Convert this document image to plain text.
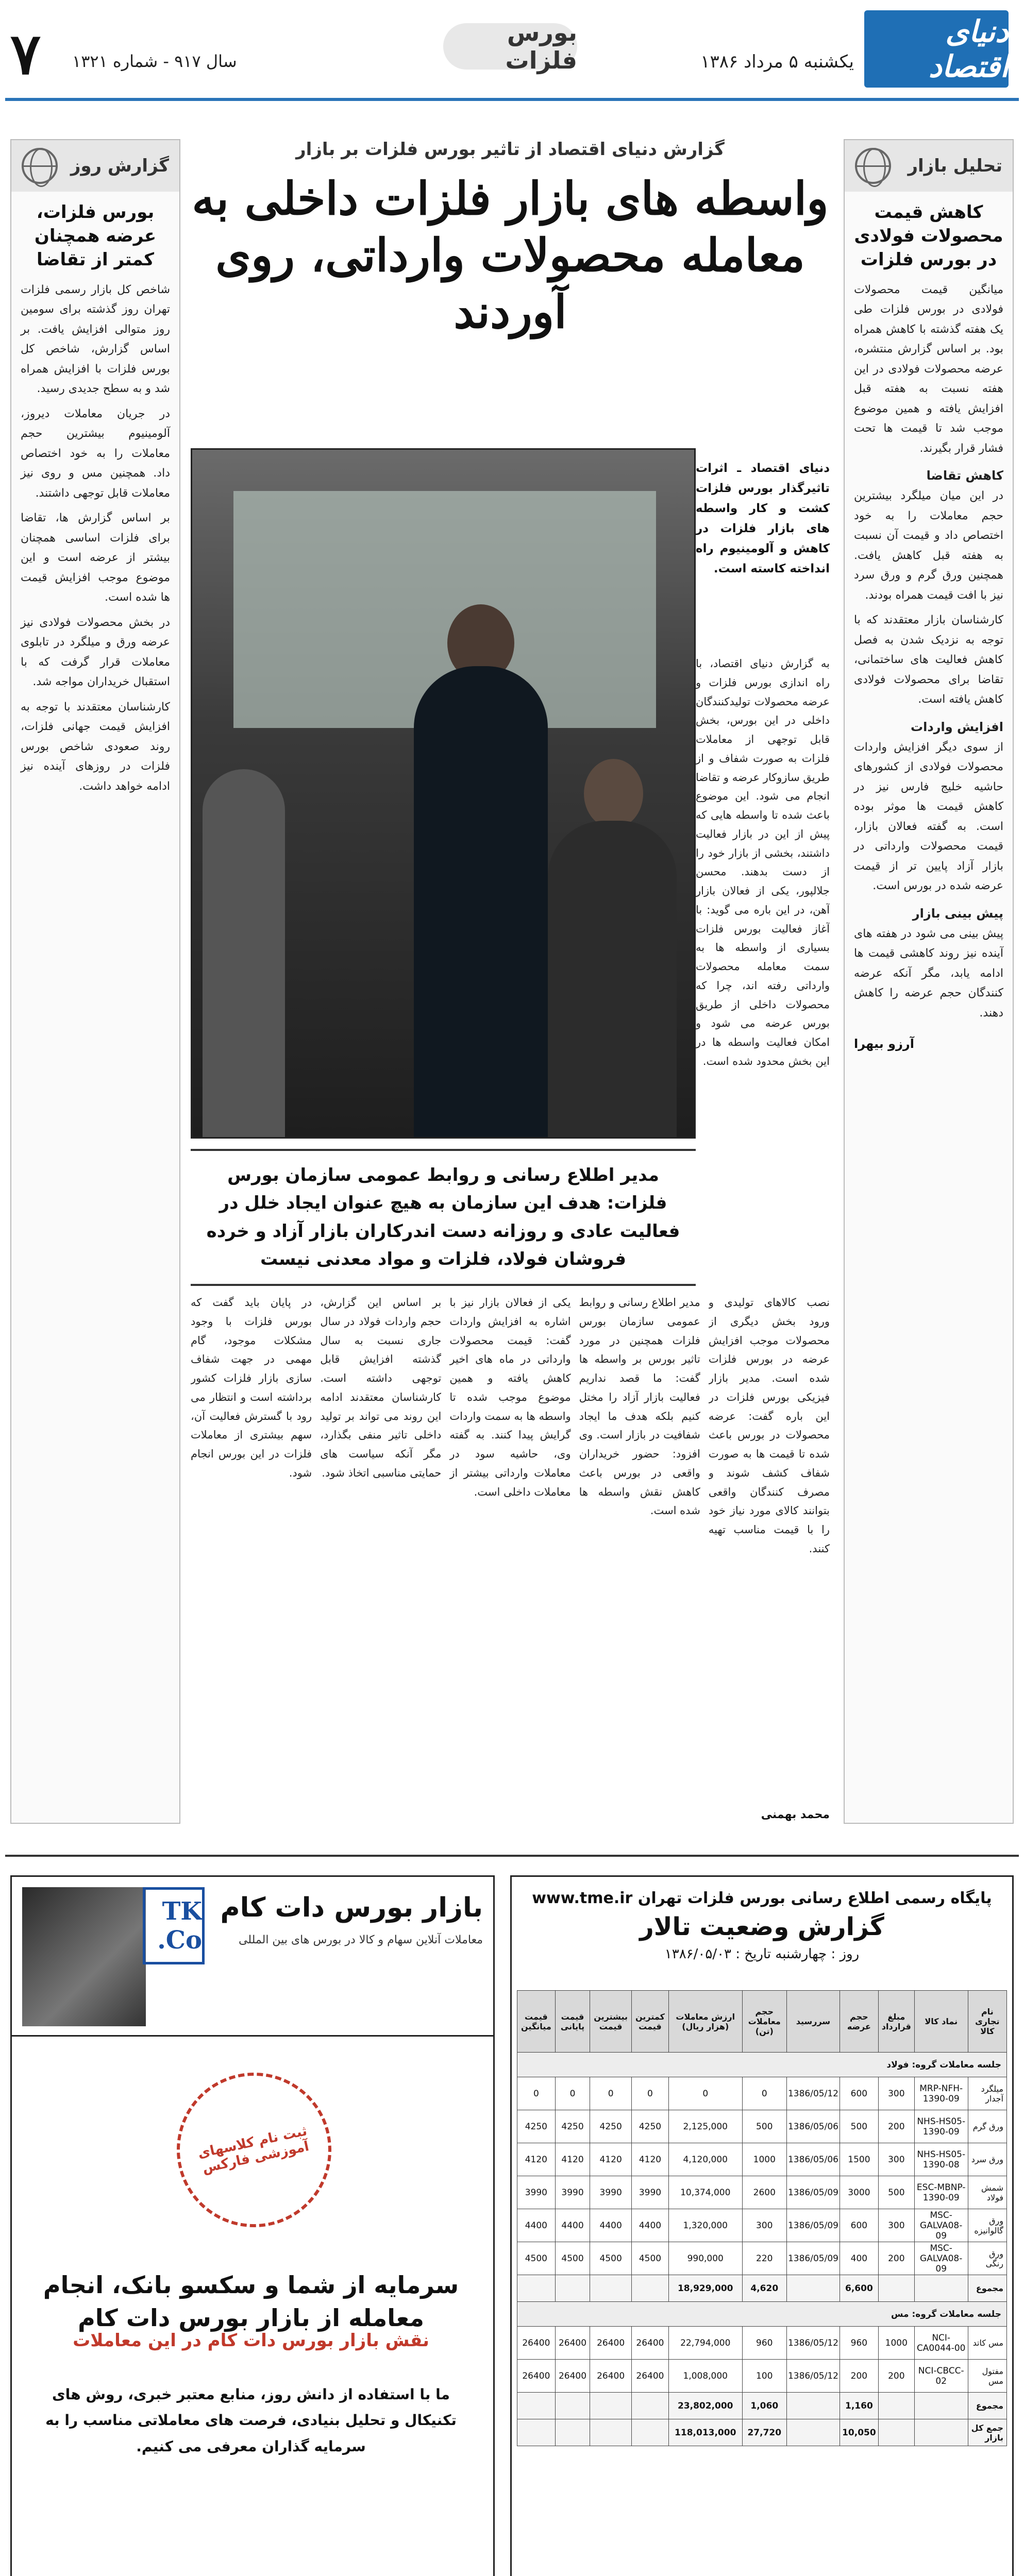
دنیای اقتصاد
یکشنبه ۵ مرداد ۱۳۸۶
بورس فلزات
سال ۹۱۷ - شماره ۱۳۲۱
۷
تحلیل بازار
کاهش قیمت محصولات فولادی در بورس فلزات

میانگین قیمت محصولات فولادی در بورس فلزات طی یک هفته گذشته با کاهش همراه بود. بر اساس گزارش منتشره، عرضه محصولات فولادی در این هفته نسبت به هفته قبل افزایش یافته و همین موضوع موجب شد تا قیمت ها تحت فشار قرار بگیرند.

کاهش تقاضا

در این میان میلگرد بیشترین حجم معاملات را به خود اختصاص داد و قیمت آن نسبت به هفته قبل کاهش یافت. همچنین ورق گرم و ورق سرد نیز با افت قیمت همراه بودند.

کارشناسان بازار معتقدند که با توجه به نزدیک شدن به فصل کاهش فعالیت های ساختمانی، تقاضا برای محصولات فولادی کاهش یافته است.

افزایش واردات

از سوی دیگر افزایش واردات محصولات فولادی از کشورهای حاشیه خلیج فارس نیز در کاهش قیمت ها موثر بوده است. به گفته فعالان بازار، قیمت محصولات وارداتی در بازار آزاد پایین تر از قیمت عرضه شده در بورس است.

پیش بینی بازار

پیش بینی می شود در هفته های آینده نیز روند کاهشی قیمت ها ادامه یابد، مگر آنکه عرضه کنندگان حجم عرضه را کاهش دهند.

آرزو بیهرا
گزارش روز
بورس فلزات، عرضه همچنان کمتر از تقاضا

شاخص کل بازار رسمی فلزات تهران روز گذشته برای سومین روز متوالی افزایش یافت. بر اساس گزارش، شاخص کل بورس فلزات با افزایش همراه شد و به سطح جدیدی رسید.

در جریان معاملات دیروز، آلومینیوم بیشترین حجم معاملات را به خود اختصاص داد. همچنین مس و روی نیز معاملات قابل توجهی داشتند.

بر اساس گزارش ها، تقاضا برای فلزات اساسی همچنان بیشتر از عرضه است و این موضوع موجب افزایش قیمت ها شده است.

در بخش محصولات فولادی نیز عرضه ورق و میلگرد در تابلوی معاملات قرار گرفت که با استقبال خریداران مواجه شد.

کارشناسان معتقدند با توجه به افزایش قیمت جهانی فلزات، روند صعودی شاخص بورس فلزات در روزهای آینده نیز ادامه خواهد داشت.

گزارش دنیای اقتصاد از تاثیر بورس فلزات بر بازار
واسطه های بازار فلزات داخلی به معامله محصولات وارداتی، روی آوردند
دنیای اقتصاد ـ اثرات تاثیرگذار بورس فلزات کشت و کار واسطه های بازار فلزات در کاهش و آلومینیوم راه انداخته کاسته است.
به گزارش دنیای اقتصاد، با راه اندازی بورس فلزات و عرضه محصولات تولیدکنندگان داخلی در این بورس، بخش قابل توجهی از معاملات فلزات به صورت شفاف و از طریق سازوکار عرضه و تقاضا انجام می شود. این موضوع باعث شده تا واسطه هایی که پیش از این در بازار فعالیت داشتند، بخشی از بازار خود را از دست بدهند. محسن جلالپور، یکی از فعالان بازار آهن، در این باره می گوید: با آغاز فعالیت بورس فلزات بسیاری از واسطه ها به سمت معامله محصولات وارداتی رفته اند، چرا که محصولات داخلی از طریق بورس عرضه می شود و امکان فعالیت واسطه ها در این بخش محدود شده است.
مدیر اطلاع رسانی و روابط عمومی سازمان بورس فلزات: هدف این سازمان به هیچ عنوان ایجاد خلل در فعالیت عادی و روزانه دست اندرکاران بازار آزاد و خرده فروشان فولاد، فلزات و مواد معدنی نیست
نصب کالاهای تولیدی و ورود بخش دیگری از محصولات موجب افزایش عرضه در بورس فلزات شده است. مدیر بازار فیزیکی بورس فلزات در این باره گفت: عرضه محصولات در بورس باعث شده تا قیمت ها به صورت شفاف کشف شوند و مصرف کنندگان واقعی بتوانند کالای مورد نیاز خود را با قیمت مناسب تهیه کنند.
مدیر اطلاع رسانی و روابط عمومی سازمان بورس فلزات همچنین در مورد تاثیر بورس بر واسطه ها گفت: ما قصد نداریم فعالیت بازار آزاد را مختل کنیم بلکه هدف ما ایجاد شفافیت در بازار است. وی افزود: حضور خریداران واقعی در بورس باعث کاهش نقش واسطه ها شده است.
یکی از فعالان بازار نیز با اشاره به افزایش واردات گفت: قیمت محصولات وارداتی در ماه های اخیر کاهش یافته و همین موضوع موجب شده تا واسطه ها به سمت واردات گرایش پیدا کنند. به گفته وی، حاشیه سود در معاملات وارداتی بیشتر از معاملات داخلی است.
بر اساس این گزارش، حجم واردات فولاد در سال جاری نسبت به سال گذشته افزایش قابل توجهی داشته است. کارشناسان معتقدند ادامه این روند می تواند بر تولید داخلی تاثیر منفی بگذارد، مگر آنکه سیاست های حمایتی مناسبی اتخاذ شود.
در پایان باید گفت که بورس فلزات با وجود مشکلات موجود، گام مهمی در جهت شفاف سازی بازار فلزات کشور برداشته است و انتظار می رود با گسترش فعالیت آن، سهم بیشتری از معاملات فلزات در این بورس انجام شود.
محمد بهمنی
TK Co.
بازار بورس دات کام
معاملات آنلاین سهام و کالا در بورس های بین المللی
ثبت نام کلاسهای آموزشی فارکس
سرمایه از شما و سکسو بانک، انجام معامله از بازار بورس دات کام
نقش بازار بورس دات کام در این معاملات
ما با استفاده از دانش روز، منابع معتبر خبری، روش های تکنیکال و تحلیل بنیادی، فرصت های معاملاتی مناسب را به سرمایه گذاران معرفی می کنیم.
پایگاه رسمی اطلاع رسانی بورس فلزات تهران www.tme.ir
گزارش وضعیت تالار
روز : چهارشنبه تاریخ : ۱۳۸۶/۰۵/۰۳
نام تجاری کالا	نماد کالا	مبلغ قرارداد	حجم عرضه	سررسید	حجم معاملات (تن)	ارزش معاملات (هزار ریال)	کمترین قیمت	بیشترین قیمت	قیمت پایانی	قیمت میانگین
جلسه معاملات گروه: فولاد										
میلگرد آجدار	MRP-NFH-1390-09	300	600	1386/05/12	0	0	0	0	0	0
ورق گرم	NHS-HS05-1390-09	200	500	1386/05/06	500	2,125,000	4250	4250	4250	4250
ورق سرد	NHS-HS05-1390-08	300	1500	1386/05/06	1000	4,120,000	4120	4120	4120	4120
شمش فولاد	ESC-MBNP-1390-09	500	3000	1386/05/09	2600	10,374,000	3990	3990	3990	3990
ورق گالوانیزه	MSC-GALVA08-09	300	600	1386/05/09	300	1,320,000	4400	4400	4400	4400
ورق رنگی	MSC-GALVA08-09	200	400	1386/05/09	220	990,000	4500	4500	4500	4500
مجموع			6,600		4,620	18,929,000				
جلسه معاملات گروه: مس										
مس کاتد	NCI-CA0044-00	1000	960	1386/05/12	960	22,794,000	26400	26400	26400	26400
مفتول مس	NCI-CBCC-02	200	200	1386/05/12	100	1,008,000	26400	26400	26400	26400
مجموع			1,160		1,060	23,802,000				
جمع کل بازار			10,050		27,720	118,013,000				
